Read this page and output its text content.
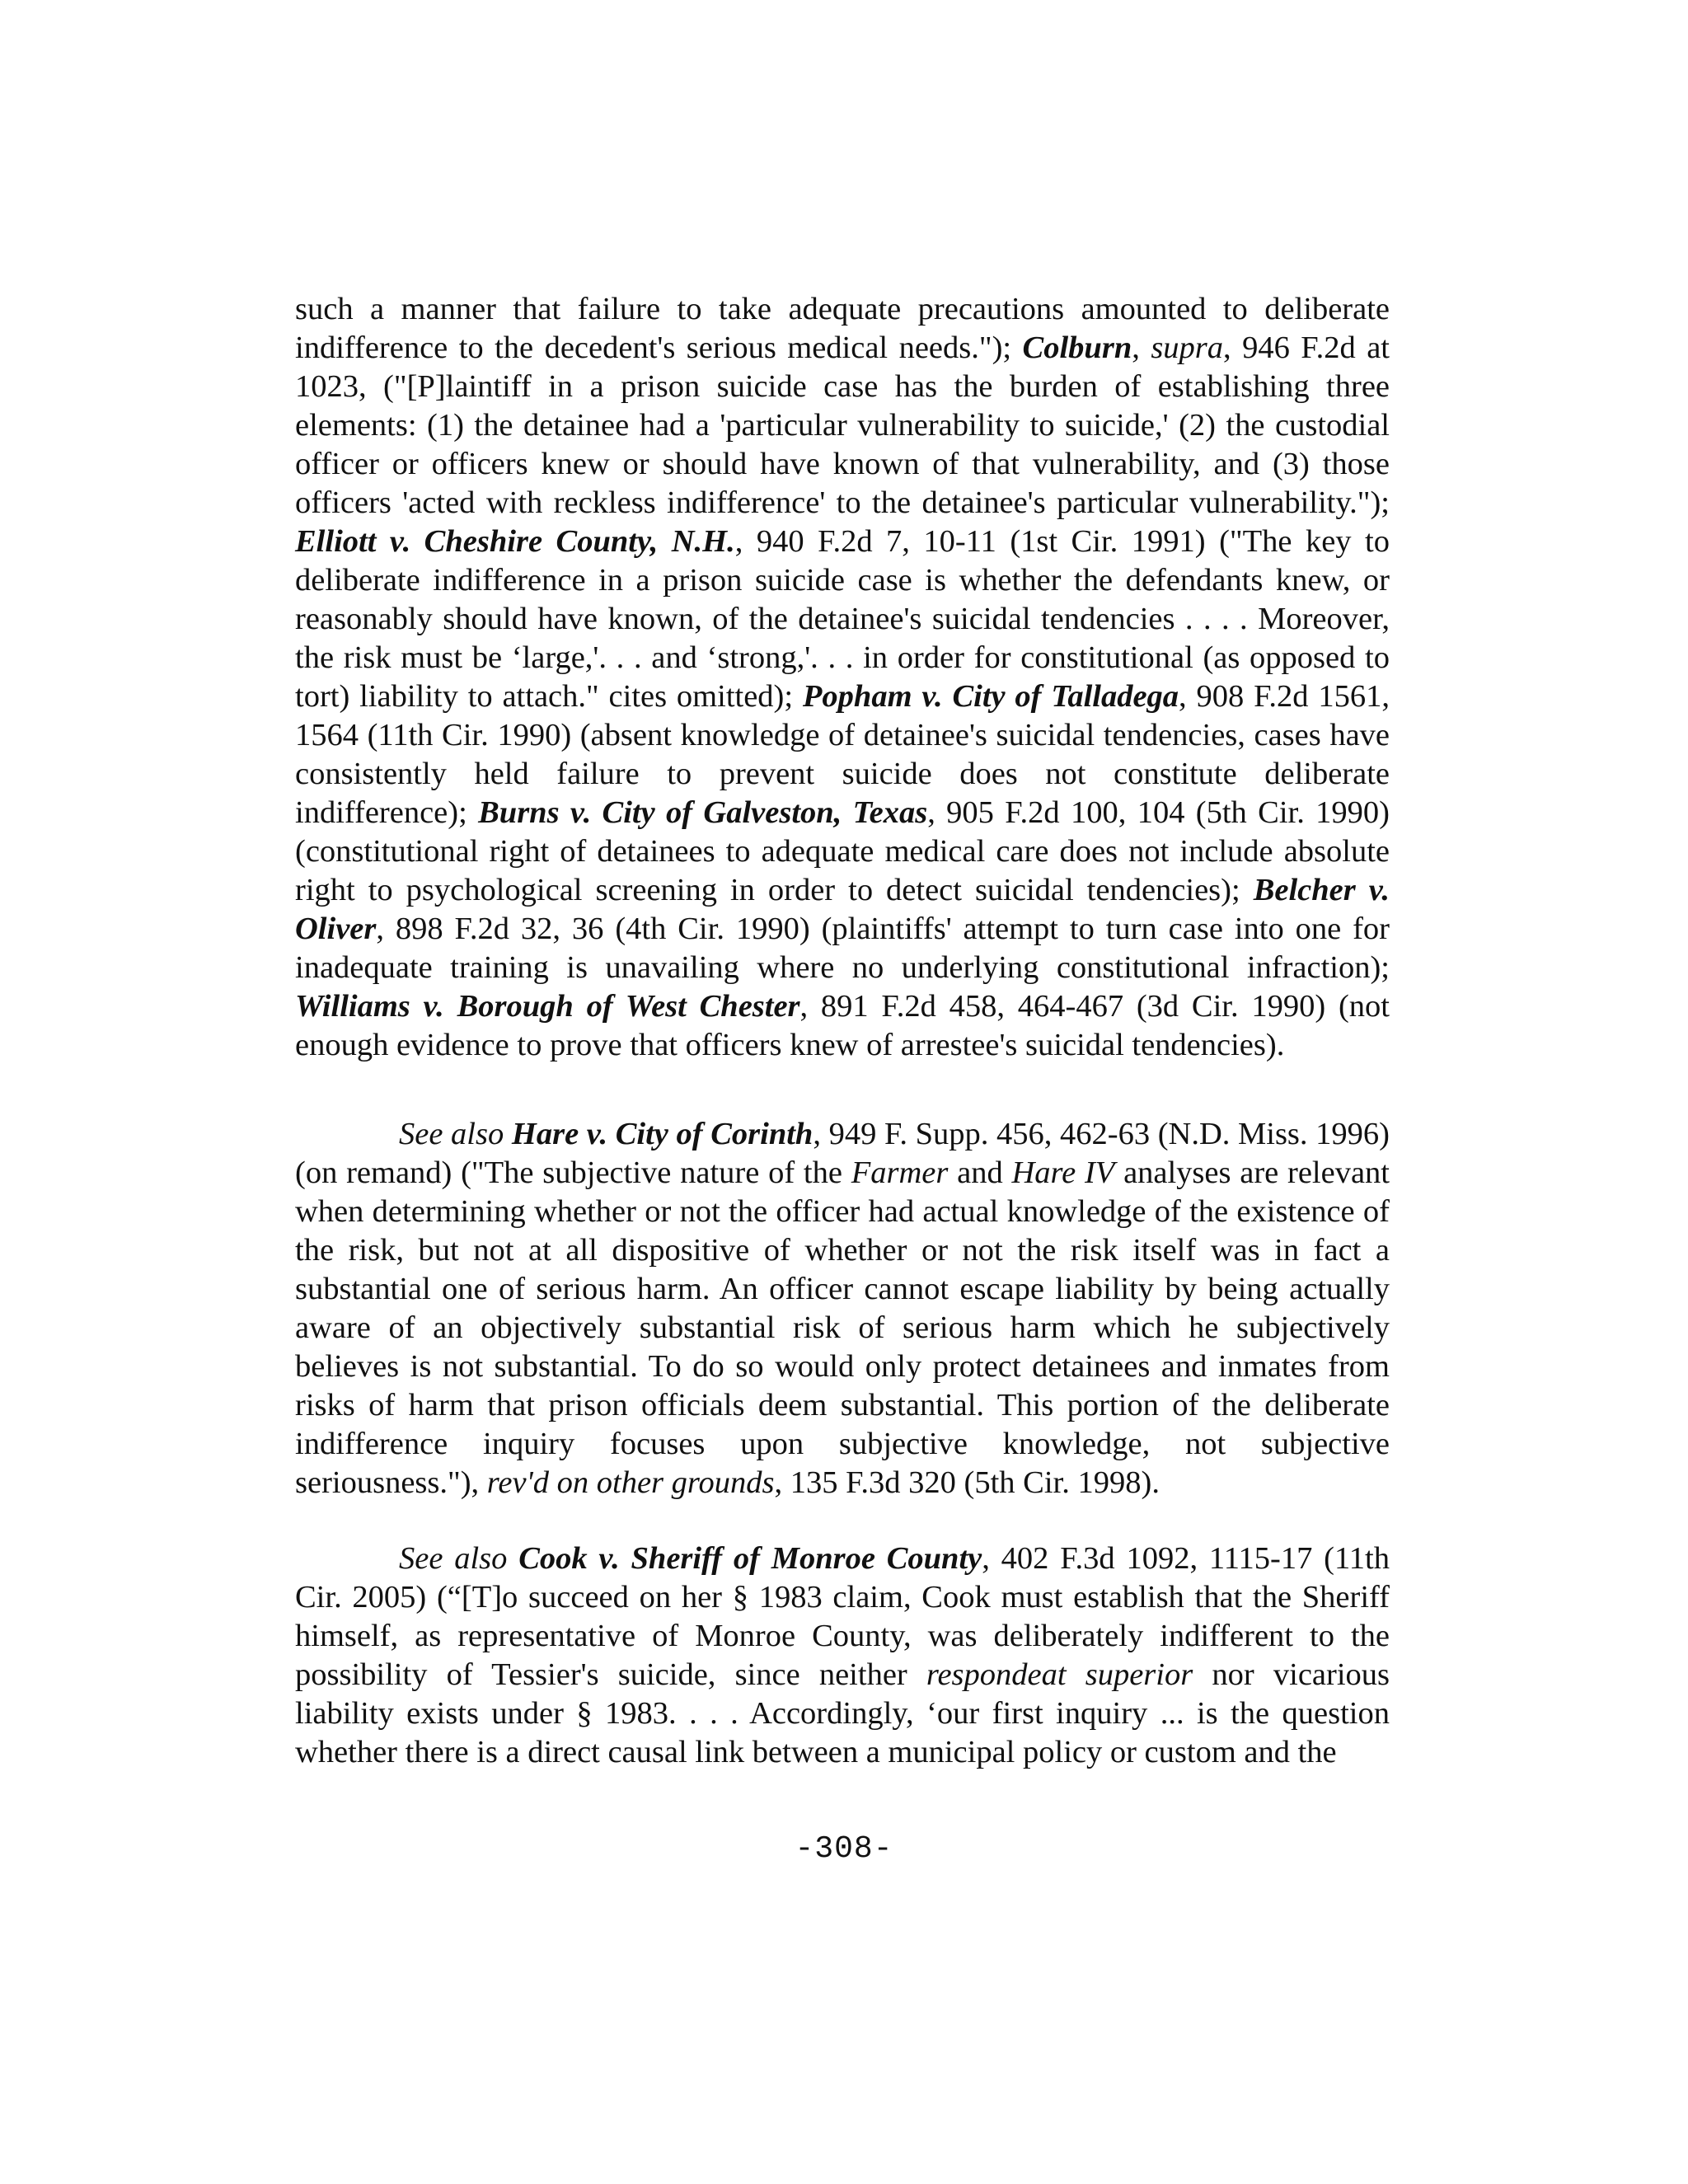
such a manner that failure to take adequate precautions amounted to deliberate indifference to the decedent's serious medical needs."); Colburn, supra, 946 F.2d at 1023, ("[P]laintiff in a prison suicide case has the burden of establishing three elements: (1) the detainee had a 'particular vulnerability to suicide,' (2) the custodial officer or officers knew or should have known of that vulnerability, and (3) those officers 'acted with reckless indifference' to the detainee's particular vulnerability."); Elliott v. Cheshire County, N.H., 940 F.2d 7, 10-11 (1st Cir. 1991) ("The key to deliberate indifference in a prison suicide case is whether the defendants knew, or reasonably should have known, of the detainee's suicidal tendencies . . . . Moreover, the risk must be ‘large,'. . . and ‘strong,'. . . in order for constitutional (as opposed to tort) liability to attach." cites omitted); Popham v. City of Talladega, 908 F.2d 1561, 1564 (11th Cir. 1990) (absent knowledge of detainee's suicidal tendencies, cases have consistently held failure to prevent suicide does not constitute deliberate indifference); Burns v. City of Galveston, Texas, 905 F.2d 100, 104 (5th Cir. 1990) (constitutional right of detainees to adequate medical care does not include absolute right to psychological screening in order to detect suicidal tendencies); Belcher v. Oliver, 898 F.2d 32, 36 (4th Cir. 1990) (plaintiffs' attempt to turn case into one for inadequate training is unavailing where no underlying constitutional infraction); Williams v. Borough of West Chester, 891 F.2d 458, 464-467 (3d Cir. 1990) (not enough evidence to prove that officers knew of arrestee's suicidal tendencies).

See also Hare v. City of Corinth, 949 F. Supp. 456, 462-63 (N.D. Miss. 1996) (on remand) ("The subjective nature of the Farmer and Hare IV analyses are relevant when determining whether or not the officer had actual knowledge of the existence of the risk, but not at all dispositive of whether or not the risk itself was in fact a substantial one of serious harm. An officer cannot escape liability by being actually aware of an objectively substantial risk of serious harm which he subjectively believes is not substantial. To do so would only protect detainees and inmates from risks of harm that prison officials deem substantial. This portion of the deliberate indifference inquiry focuses upon subjective knowledge, not subjective seriousness."), rev'd on other grounds, 135 F.3d 320 (5th Cir. 1998).

See also Cook v. Sheriff of Monroe County, 402 F.3d 1092, 1115-17 (11th Cir. 2005) (“[T]o succeed on her § 1983 claim, Cook must establish that the Sheriff himself, as representative of Monroe County, was deliberately indifferent to the possibility of Tessier's suicide, since neither respondeat superior nor vicarious liability exists under § 1983. . . . Accordingly, ‘our first inquiry ... is the question whether there is a direct causal link between a municipal policy or custom and the

-308-
